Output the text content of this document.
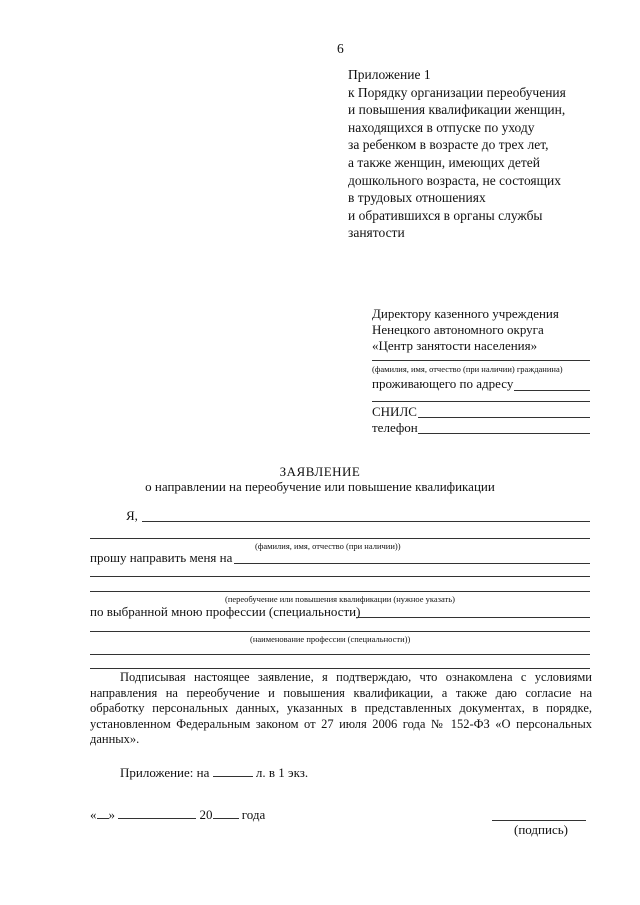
6
Приложение 1
к Порядку организации переобучения
и повышения квалификации женщин,
находящихся в отпуске по уходу
за ребенком в возрасте до трех лет,
а также женщин, имеющих детей
дошкольного возраста, не состоящих
в трудовых отношениях
и обратившихся в органы службы
занятости
Директору казенного учреждения
Ненецкого автономного округа
«Центр занятости населения»
(фамилия, имя, отчество (при наличии) гражданина)
проживающего по адресу
СНИЛС
телефон
ЗАЯВЛЕНИЕ
о направлении на переобучение или повышение квалификации
Я,
(фамилия, имя, отчество (при наличии))
прошу направить меня на
(переобучение или повышения квалификации (нужное указать)
по выбранной мною профессии (специальности)
(наименование профессии (специальности))
Подписывая настоящее заявление, я подтверждаю, что ознакомлена с условиями направления на переобучение и повышения квалификации, а также даю согласие на обработку персональных данных, указанных в представленных документах, в порядке, установленном Федеральным законом от 27 июля 2006 года № 152-ФЗ «О персональных данных».
Приложение: на	л. в 1 экз.
« »	20 года
(подпись)
